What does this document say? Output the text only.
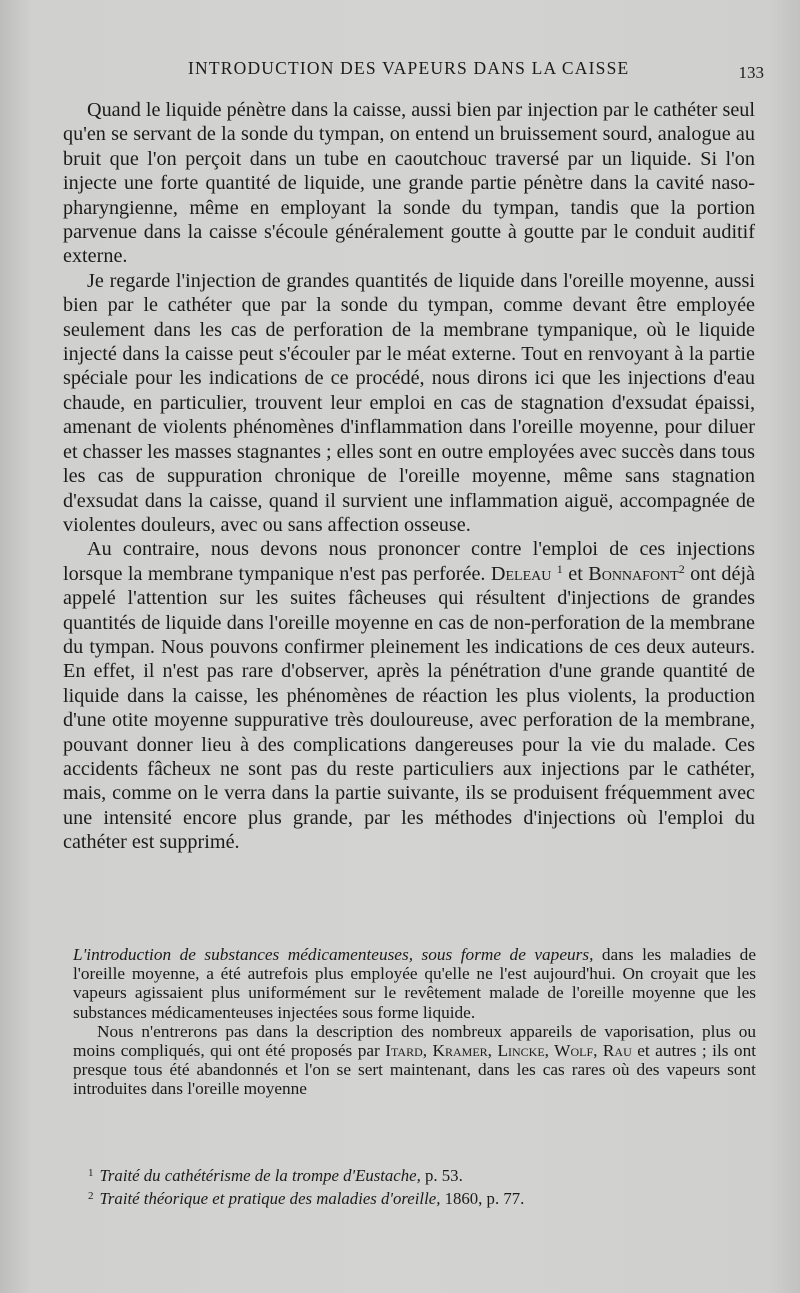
INTRODUCTION DES VAPEURS DANS LA CAISSE	133

Quand le liquide pénètre dans la caisse, aussi bien par injection par le cathéter seul qu'en se servant de la sonde du tympan, on entend un bruissement sourd, analogue au bruit que l'on perçoit dans un tube en caoutchouc traversé par un liquide. Si l'on injecte une forte quantité de liquide, une grande partie pénètre dans la cavité naso-pharyngienne, même en employant la sonde du tympan, tandis que la portion parvenue dans la caisse s'écoule généralement goutte à goutte par le conduit auditif externe.

Je regarde l'injection de grandes quantités de liquide dans l'oreille moyenne, aussi bien par le cathéter que par la sonde du tympan, comme devant être employée seulement dans les cas de perforation de la membrane tympanique, où le liquide injecté dans la caisse peut s'écouler par le méat externe. Tout en renvoyant à la partie spéciale pour les indications de ce procédé, nous dirons ici que les injections d'eau chaude, en particulier, trouvent leur emploi en cas de stagnation d'exsudat épaissi, amenant de violents phénomènes d'inflammation dans l'oreille moyenne, pour diluer et chasser les masses stagnantes ; elles sont en outre employées avec succès dans tous les cas de suppuration chronique de l'oreille moyenne, même sans stagnation d'exsudat dans la caisse, quand il survient une inflammation aiguë, accompagnée de violentes douleurs, avec ou sans affection osseuse.

Au contraire, nous devons nous prononcer contre l'emploi de ces injections lorsque la membrane tympanique n'est pas perforée. Deleau $^1$ et Bonnafont$^2$ ont déjà appelé l'attention sur les suites fâcheuses qui résultent d'injections de grandes quantités de liquide dans l'oreille moyenne en cas de non-perforation de la membrane du tympan. Nous pouvons confirmer pleinement les indications de ces deux auteurs. En effet, il n'est pas rare d'observer, après la pénétration d'une grande quantité de liquide dans la caisse, les phénomènes de réaction les plus violents, la production d'une otite moyenne suppurative très douloureuse, avec perforation de la membrane, pouvant donner lieu à des complications dangereuses pour la vie du malade. Ces accidents fâcheux ne sont pas du reste particuliers aux injections par le cathéter, mais, comme on le verra dans la partie suivante, ils se produisent fréquemment avec une intensité encore plus grande, par les méthodes d'injections où l'emploi du cathéter est supprimé.

L'introduction de substances médicamenteuses, sous forme de vapeurs, dans les maladies de l'oreille moyenne, a été autrefois plus employée qu'elle ne l'est aujourd'hui. On croyait que les vapeurs agissaient plus uniformément sur le revêtement malade de l'oreille moyenne que les substances médicamenteuses injectées sous forme liquide.

Nous n'entrerons pas dans la description des nombreux appareils de vaporisation, plus ou moins compliqués, qui ont été proposés par Itard, Kramer, Lincke, Wolf, Rau et autres ; ils ont presque tous été abandonnés et l'on se sert maintenant, dans les cas rares où des vapeurs sont introduites dans l'oreille moyenne

$^1$ Traité du cathétérisme de la trompe d'Eustache, p. 53.
$^2$ Traité théorique et pratique des maladies d'oreille, 1860, p. 77.
